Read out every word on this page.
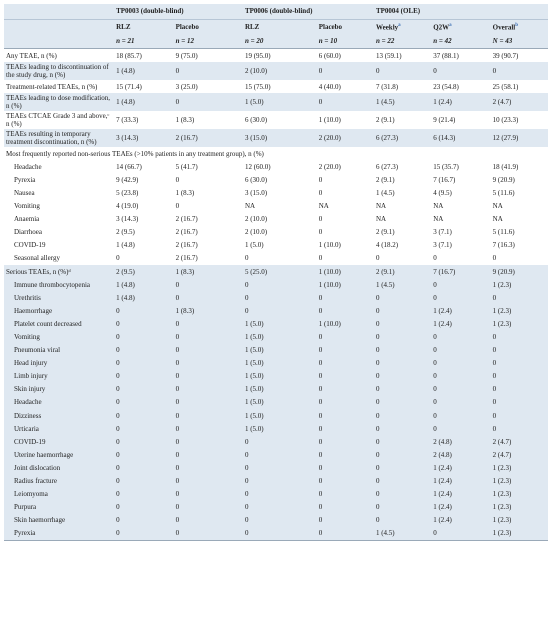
	TP0003 (double-blind)		TP0006 (double-blind)		TP0004 (OLE)		
	RLZ	Placebo	RLZ	Placebo	Weekly$^a$	$Q2W^a$	Overall$^b$
	n = 21	n = 12	n = 20	n = 10	n = 22	n = 42	N = 43
Any TEAE, n (%)	18 (85.7)	9 (75.0)	19 (95.0)	6 (60.0)	13 (59.1)	37 (88.1)	39 (90.7)
TEAEs leading to discontinuation of the study drug, n (%)	1 (4.8)	0	2 (10.0)	0	0	0	0
Treatment-related TEAEs, n (%)	15 (71.4)	3 (25.0)	15 (75.0)	4 (40.0)	7 (31.8)	23 (54.8)	25 (58.1)
TEAEs leading to dose modification, n (%)	1 (4.8)	0	1 (5.0)	0	1 (4.5)	1 (2.4)	2 (4.7)
TEAEs CTCAE Grade 3 and above,ᶜ n (%)	7 (33.3)	1 (8.3)	6 (30.0)	1 (10.0)	2 (9.1)	9 (21.4)	10 (23.3)
TEAEs resulting in temporary treatment discontinuation, n (%)	3 (14.3)	2 (16.7)	3 (15.0)	2 (20.0)	6 (27.3)	6 (14.3)	12 (27.9)
Most frequently reported non-serious TEAEs (>10% patients in any treatment group), n (%)							
Headache	14 (66.7)	5 (41.7)	12 (60.0)	2 (20.0)	6 (27.3)	15 (35.7)	18 (41.9)
Pyrexia	9 (42.9)	0	6 (30.0)	0	2 (9.1)	7 (16.7)	9 (20.9)
Nausea	5 (23.8)	1 (8.3)	3 (15.0)	0	1 (4.5)	4 (9.5)	5 (11.6)
Vomiting	4 (19.0)	0	NA	NA	NA	NA	NA
Anaemia	3 (14.3)	2 (16.7)	2 (10.0)	0	NA	NA	NA
Diarrhoea	2 (9.5)	2 (16.7)	2 (10.0)	0	2 (9.1)	3 (7.1)	5 (11.6)
COVID-19	1 (4.8)	2 (16.7)	1 (5.0)	1 (10.0)	4 (18.2)	3 (7.1)	7 (16.3)
Seasonal allergy	0	2 (16.7)	0	0	0	0	0
Serious TEAEs, n (%)ᵈ	2 (9.5)	1 (8.3)	5 (25.0)	1 (10.0)	2 (9.1)	7 (16.7)	9 (20.9)
Immune thrombocytopenia	1 (4.8)	0	0	1 (10.0)	1 (4.5)	0	1 (2.3)
Urethritis	1 (4.8)	0	0	0	0	0	0
Haemorrhage	0	1 (8.3)	0	0	0	1 (2.4)	1 (2.3)
Platelet count decreased	0	0	1 (5.0)	1 (10.0)	0	1 (2.4)	1 (2.3)
Vomiting	0	0	1 (5.0)	0	0	0	0
Pneumonia viral	0	0	1 (5.0)	0	0	0	0
Head injury	0	0	1 (5.0)	0	0	0	0
Limb injury	0	0	1 (5.0)	0	0	0	0
Skin injury	0	0	1 (5.0)	0	0	0	0
Headache	0	0	1 (5.0)	0	0	0	0
Dizziness	0	0	1 (5.0)	0	0	0	0
Urticaria	0	0	1 (5.0)	0	0	0	0
COVID-19	0	0	0	0	0	2 (4.8)	2 (4.7)
Uterine haemorrhage	0	0	0	0	0	2 (4.8)	2 (4.7)
Joint dislocation	0	0	0	0	0	1 (2.4)	1 (2.3)
Radius fracture	0	0	0	0	0	1 (2.4)	1 (2.3)
Leiomyoma	0	0	0	0	0	1 (2.4)	1 (2.3)
Purpura	0	0	0	0	0	1 (2.4)	1 (2.3)
Skin haemorrhage	0	0	0	0	0	1 (2.4)	1 (2.3)
Pyrexia	0	0	0	0	1 (4.5)	0	1 (2.3)
